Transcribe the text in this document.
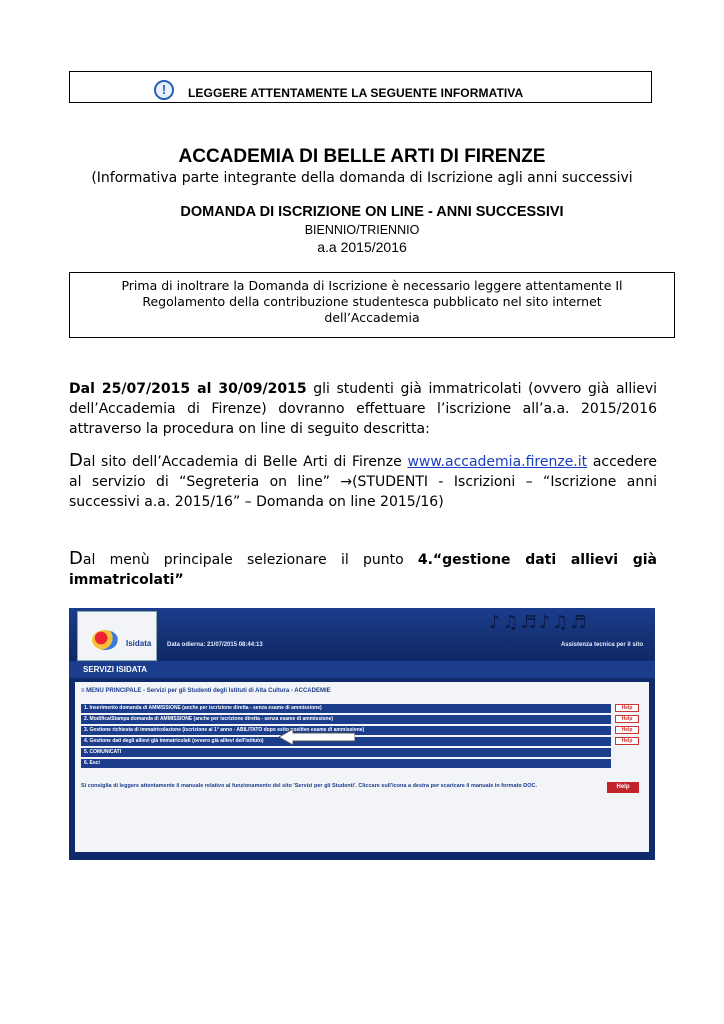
!	LEGGERE ATTENTAMENTE LA SEGUENTE INFORMATIVA
ACCADEMIA DI BELLE ARTI DI FIRENZE
(Informativa parte integrante della domanda di Iscrizione agli anni successivi
DOMANDA DI ISCRIZIONE ON LINE - ANNI SUCCESSIVI
BIENNIO/TRIENNIO
a.a 2015/2016
Prima di inoltrare la Domanda di Iscrizione è necessario leggere attentamente Il
Regolamento della contribuzione studentesca pubblicato nel sito internet
dell’Accademia
Dal 25/07/2015 al 30/09/2015 gli studenti già immatricolati (ovvero già allievi dell’Accademia di Firenze) dovranno effettuare l’iscrizione all’a.a. 2015/2016 attraverso la procedura on line di seguito descritta:
Dal sito dell’Accademia di Belle Arti di Firenze www.accademia.firenze.it accedere al servizio di “Segreteria on line” →(STUDENTI - Iscrizioni – “Iscrizione anni successivi a.a. 2015/16” – Domanda on line 2015/16)
Dal menù principale selezionare il punto 4.“gestione dati allievi già immatricolati”
♪♫♬♪♫♬
Isidata	Data odierna: 21/07/2015 08:44:13	Assistenza tecnica per il sito
SERVIZI ISIDATA
≡ MENU PRINCIPALE - Servizi per gli Studenti degli Istituti di Alta Cultura - ACCADEMIE
1. Inserimento domanda di AMMISSIONE (anche per iscrizione diretta - senza esame di ammissione)	Help
2. Modifica\Stampa domanda di AMMISSIONE (anche per iscrizione diretta - senza esame di ammissione)	Help
3. Gestione richiesta di immatricolazione (iscrizione al 1° anno - ABILITATO dopo esito positivo esame di ammissione)	Help
4. Gestione dati degli allievi già immatricolati (ovvero già allievi dell'istituto)	Help
5. COMUNICATI
6. Esci
Si consiglia di leggere attentamente il manuale relativo al funzionamento del sito 'Servizi per gli Studenti'. Cliccare sull'icona a destra per scaricare il manuale in formato DOC.	Help
